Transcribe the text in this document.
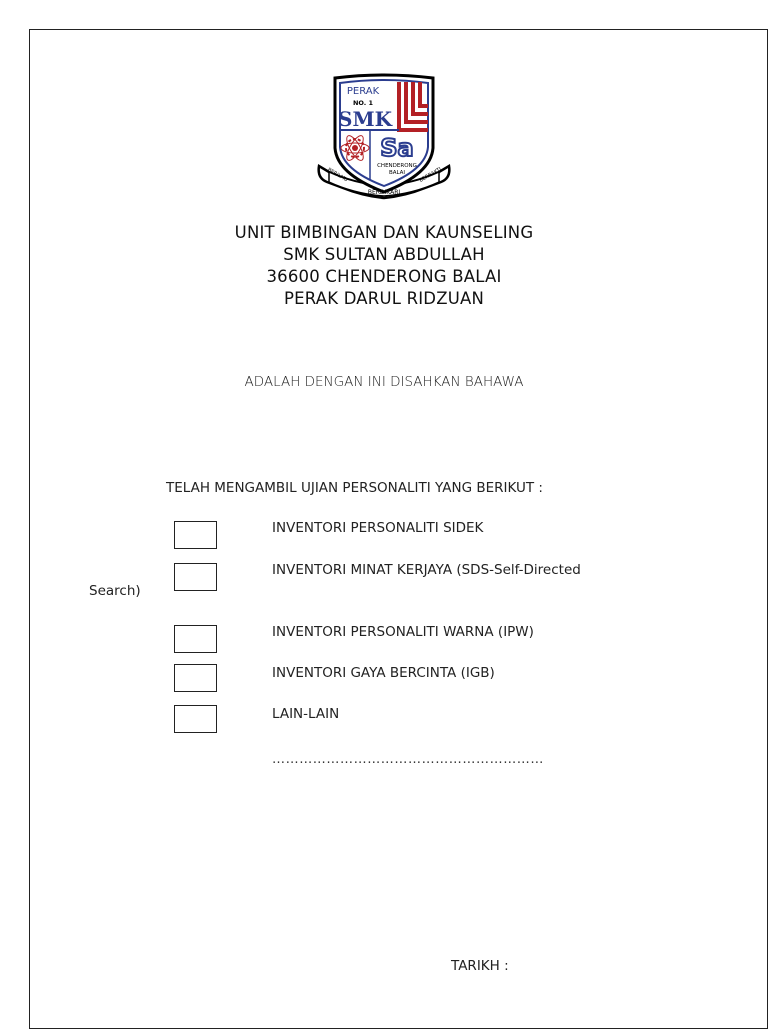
PERAK
NO. 1
SMK
Sa
CHENDERONG
BALAI
BERDIKARI
BERILMU	BERBAKTI
UNIT BIMBINGAN DAN KAUNSELING
SMK SULTAN ABDULLAH
36600 CHENDERONG BALAI
PERAK DARUL RIDZUAN
ADALAH DENGAN INI DISAHKAN BAHAWA
TELAH MENGAMBIL UJIAN PERSONALITI YANG BERIKUT :
INVENTORI PERSONALITI SIDEK
INVENTORI MINAT KERJAYA (SDS-Self-Directed
Search)
INVENTORI PERSONALITI WARNA (IPW)
INVENTORI GAYA BERCINTA (IGB)
LAIN-LAIN
……………………………………………………
TARIKH :
